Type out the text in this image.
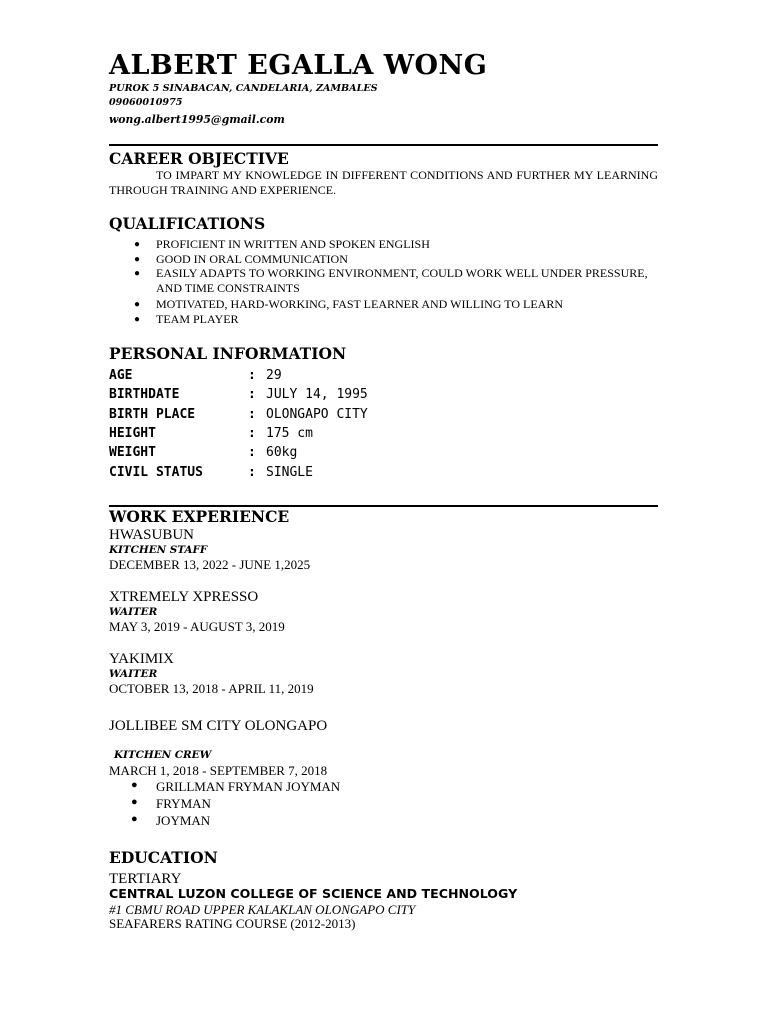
ALBERT EGALLA WONG
PUROK 5 SINABACAN, CANDELARIA, ZAMBALES
09060010975
wong.albert1995@gmail.com
CAREER OBJECTIVE

TO IMPART MY KNOWLEDGE IN DIFFERENT CONDITIONS AND FURTHER MY LEARNING THROUGH TRAINING AND EXPERIENCE.

QUALIFICATIONS
● PROFICIENT IN WRITTEN AND SPOKEN ENGLISH
● GOOD IN ORAL COMMUNICATION
● EASILY ADAPTS TO WORKING ENVIRONMENT, COULD WORK WELL UNDER PRESSURE, AND TIME CONSTRAINTS
● MOTIVATED, HARD-WORKING, FAST LEARNER AND WILLING TO LEARN
● TEAM PLAYER
PERSONAL INFORMATION
AGE	: 29
BIRTHDATE	: JULY 14, 1995
BIRTH PLACE	: OLONGAPO CITY
HEIGHT	: 175 cm
WEIGHT	: 60kg
CIVIL STATUS	: SINGLE
WORK EXPERIENCE
HWASUBUN
KITCHEN STAFF
DECEMBER 13, 2022 - JUNE 1,2025
XTREMELY XPRESSO
WAITER
MAY 3, 2019 - AUGUST 3, 2019
YAKIMIX
WAITER
OCTOBER 13, 2018 - APRIL 11, 2019
JOLLIBEE SM CITY OLONGAPO
KITCHEN CREW
MARCH 1, 2018 - SEPTEMBER 7, 2018
● GRILLMAN FRYMAN JOYMAN
● FRYMAN
● JOYMAN
EDUCATION
TERTIARY
CENTRAL LUZON COLLEGE OF SCIENCE AND TECHNOLOGY
#1 CBMU ROAD UPPER KALAKLAN OLONGAPO CITY
SEAFARERS RATING COURSE (2012-2013)
